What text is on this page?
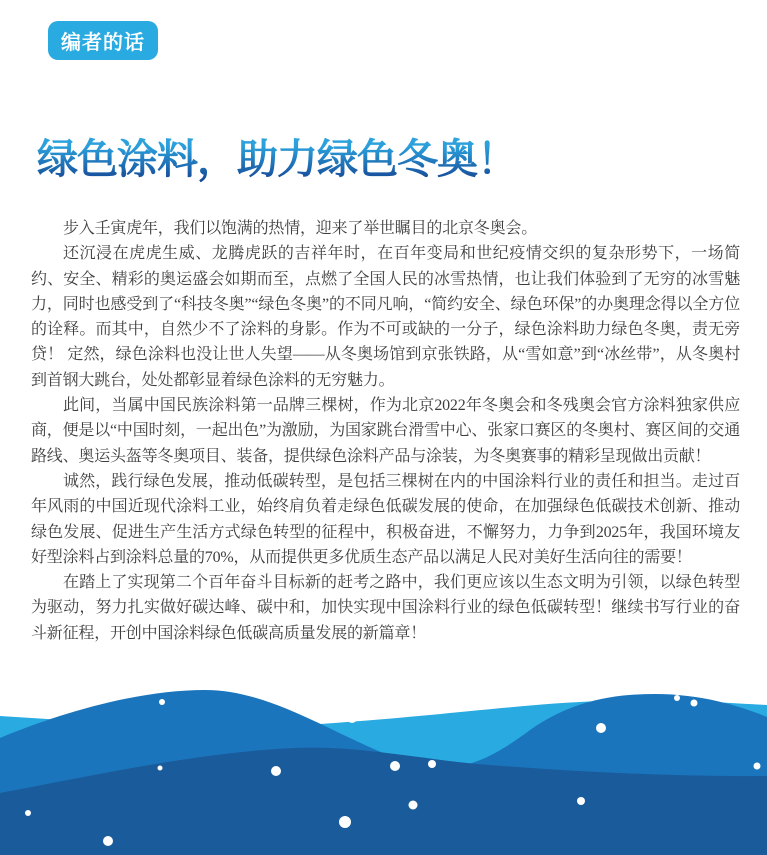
编者的话
绿色涂料，助力绿色冬奥！

步入壬寅虎年，我们以饱满的热情，迎来了举世瞩目的北京冬奥会。

还沉浸在虎虎生威、龙腾虎跃的吉祥年时，在百年变局和世纪疫情交织的复杂形势下，一场简约、安全、精彩的奥运盛会如期而至，点燃了全国人民的冰雪热情，也让我们体验到了无穷的冰雪魅力，同时也感受到了“科技冬奥”“绿色冬奥”的不同凡响，“简约安全、绿色环保”的办奥理念得以全方位的诠释。而其中，自然少不了涂料的身影。作为不可或缺的一分子，绿色涂料助力绿色冬奥，责无旁贷！ 定然，绿色涂料也没让世人失望——从冬奥场馆到京张铁路，从“雪如意”到“冰丝带”，从冬奥村到首钢大跳台，处处都彰显着绿色涂料的无穷魅力。

此间，当属中国民族涂料第一品牌三棵树，作为北京2022年冬奥会和冬残奥会官方涂料独家供应商，便是以“中国时刻，一起出色”为激励，为国家跳台滑雪中心、张家口赛区的冬奥村、赛区间的交通路线、奥运头盔等冬奥项目、装备，提供绿色涂料产品与涂装，为冬奥赛事的精彩呈现做出贡献！

诚然，践行绿色发展，推动低碳转型，是包括三棵树在内的中国涂料行业的责任和担当。走过百年风雨的中国近现代涂料工业，始终肩负着走绿色低碳发展的使命，在加强绿色低碳技术创新、推动绿色发展、促进生产生活方式绿色转型的征程中，积极奋进，不懈努力，力争到2025年，我国环境友好型涂料占到涂料总量的70%，从而提供更多优质生态产品以满足人民对美好生活向往的需要！

在踏上了实现第二个百年奋斗目标新的赶考之路中，我们更应该以生态文明为引领，以绿色转型为驱动，努力扎实做好碳达峰、碳中和，加快实现中国涂料行业的绿色低碳转型！继续书写行业的奋斗新征程，开创中国涂料绿色低碳高质量发展的新篇章！
